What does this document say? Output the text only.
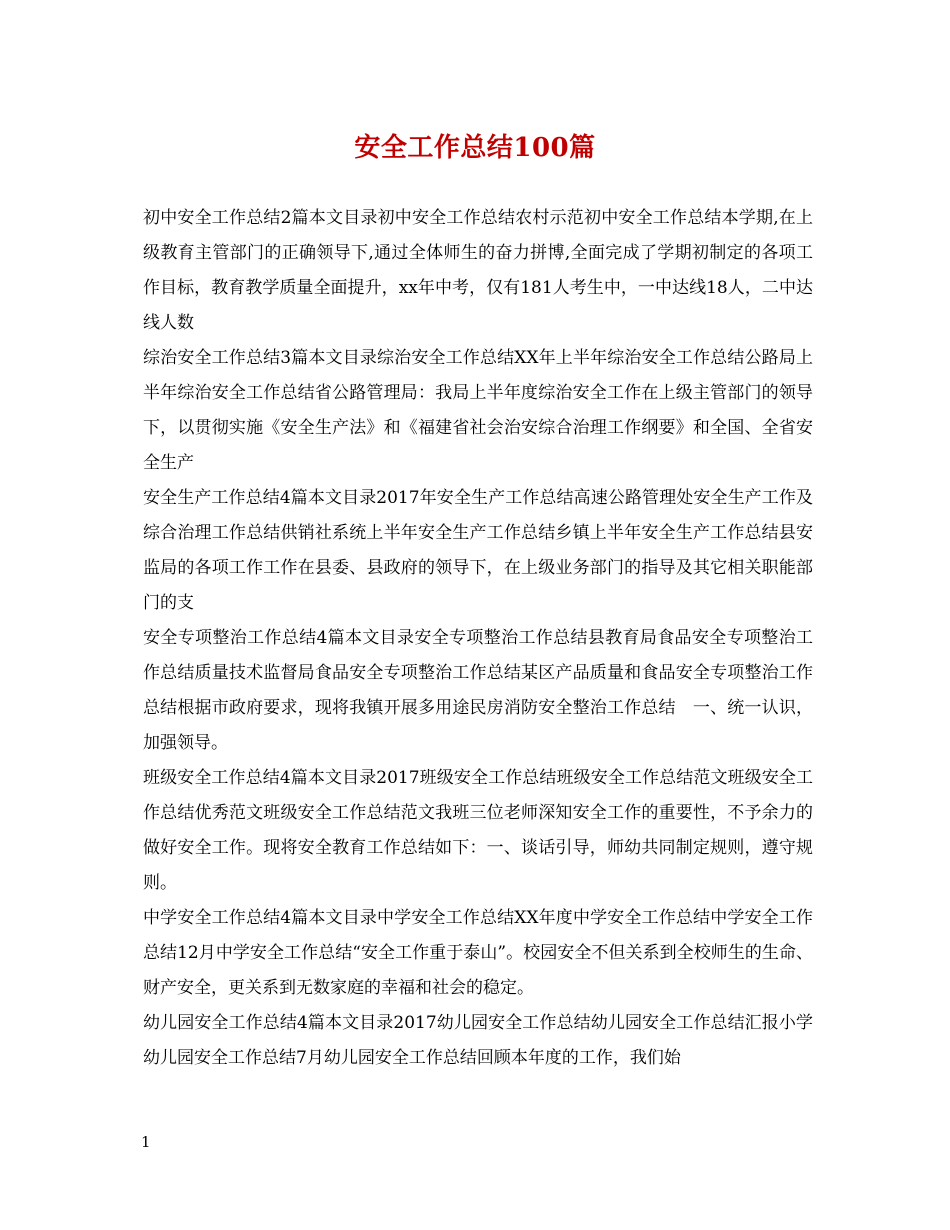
安全工作总结100篇

初中安全工作总结2篇本文目录初中安全工作总结农村示范初中安全工作总结本学期,在上级教育主管部门的正确领导下,通过全体师生的奋力拼博,全面完成了学期初制定的各项工作目标，教育教学质量全面提升，xx年中考，仅有181人考生中，一中达线18人，二中达线人数

综治安全工作总结3篇本文目录综治安全工作总结XX年上半年综治安全工作总结公路局上半年综治安全工作总结省公路管理局：我局上半年度综治安全工作在上级主管部门的领导下，以贯彻实施《安全生产法》和《福建省社会治安综合治理工作纲要》和全国、全省安全生产

安全生产工作总结4篇本文目录2017年安全生产工作总结高速公路管理处安全生产工作及综合治理工作总结供销社系统上半年安全生产工作总结乡镇上半年安全生产工作总结县安监局的各项工作工作在县委、县政府的领导下，在上级业务部门的指导及其它相关职能部门的支

安全专项整治工作总结4篇本文目录安全专项整治工作总结县教育局食品安全专项整治工作总结质量技术监督局食品安全专项整治工作总结某区产品质量和食品安全专项整治工作总结根据市政府要求，现将我镇开展多用途民房消防安全整治工作总结　一、统一认识，加强领导。

班级安全工作总结4篇本文目录2017班级安全工作总结班级安全工作总结范文班级安全工作总结优秀范文班级安全工作总结范文我班三位老师深知安全工作的重要性，不予余力的做好安全工作。现将安全教育工作总结如下：一、谈话引导，师幼共同制定规则，遵守规则。

中学安全工作总结4篇本文目录中学安全工作总结XX年度中学安全工作总结中学安全工作总结12月中学安全工作总结“安全工作重于泰山”。校园安全不但关系到全校师生的生命、财产安全，更关系到无数家庭的幸福和社会的稳定。

幼儿园安全工作总结4篇本文目录2017幼儿园安全工作总结幼儿园安全工作总结汇报小学幼儿园安全工作总结7月幼儿园安全工作总结回顾本年度的工作，我们始

1
